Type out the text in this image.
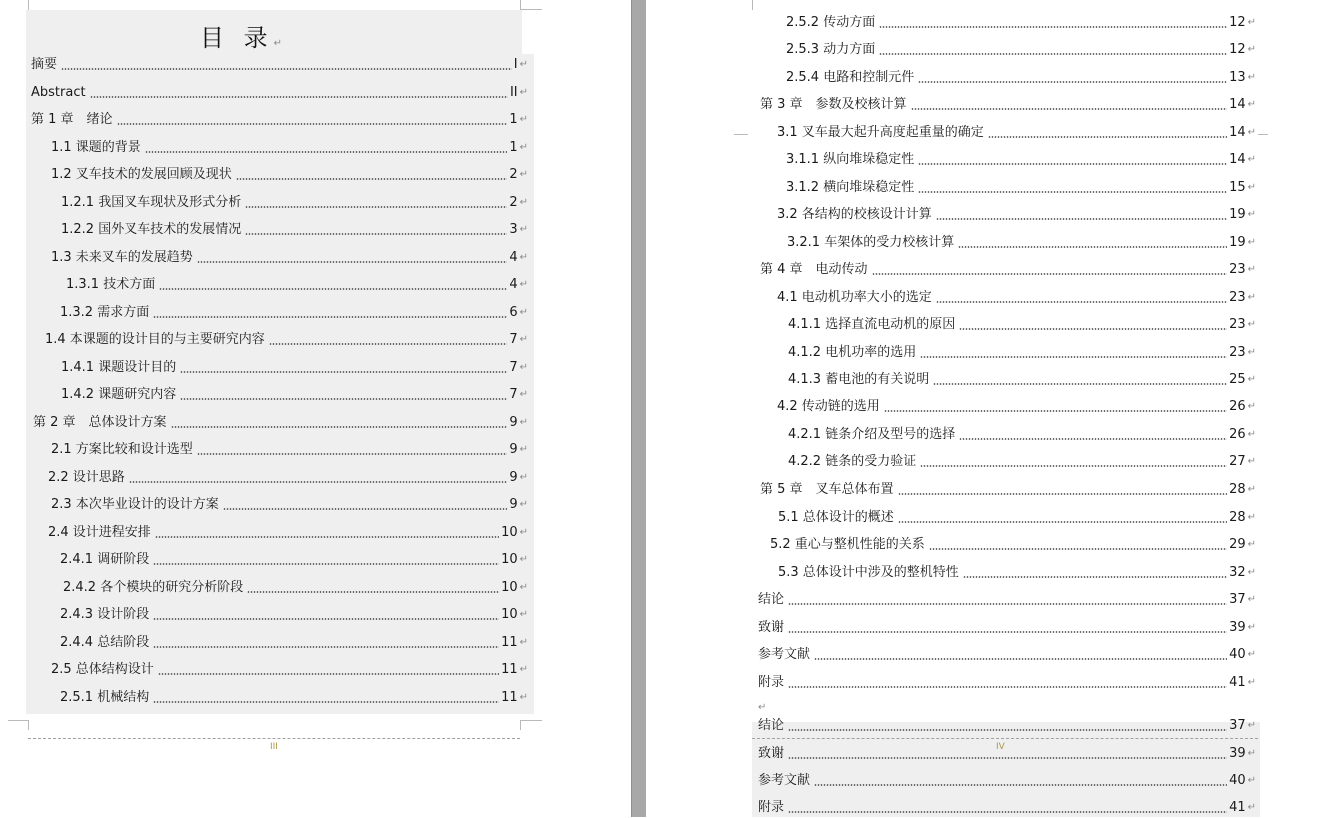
目 录↵
摘要	I ↵
Abstract	II ↵
第 1 章　绪论	1 ↵
1.1 课题的背景	1 ↵
1.2 叉车技术的发展回顾及现状	2 ↵
1.2.1 我国叉车现状及形式分析	2 ↵
1.2.2 国外叉车技术的发展情况	3 ↵
1.3 未来叉车的发展趋势	4 ↵
1.3.1 技术方面	4 ↵
1.3.2 需求方面	6 ↵
1.4 本课题的设计目的与主要研究内容	7 ↵
1.4.1 课题设计目的	7 ↵
1.4.2 课题研究内容	7 ↵
第 2 章　总体设计方案	9 ↵
2.1 方案比较和设计选型	9 ↵
2.2 设计思路	9 ↵
2.3 本次毕业设计的设计方案	9 ↵
2.4 设计进程安排	10 ↵
2.4.1 调研阶段	10 ↵
2.4.2 各个模块的研究分析阶段	10 ↵
2.4.3 设计阶段	10 ↵
2.4.4 总结阶段	11 ↵
2.5 总体结构设计	11 ↵
2.5.1 机械结构	11 ↵
III
2.5.2 传动方面	12 ↵
2.5.3 动力方面	12 ↵
2.5.4 电路和控制元件	13 ↵
第 3 章　参数及校核计算	14 ↵
3.1 叉车最大起升高度起重量的确定	14 ↵
3.1.1 纵向堆垛稳定性	14 ↵
3.1.2 横向堆垛稳定性	15 ↵
3.2 各结构的校核设计计算	19 ↵
3.2.1 车架体的受力校核计算	19 ↵
第 4 章　电动传动	23 ↵
4.1 电动机功率大小的选定	23 ↵
4.1.1 选择直流电动机的原因	23 ↵
4.1.2 电机功率的选用	23 ↵
4.1.3 蓄电池的有关说明	25 ↵
4.2 传动链的选用	26 ↵
4.2.1 链条介绍及型号的选择	26 ↵
4.2.2 链条的受力验证	27 ↵
第 5 章　叉车总体布置	28 ↵
5.1 总体设计的概述	28 ↵
5.2 重心与整机性能的关系	29 ↵
5.3 总体设计中涉及的整机特性	32 ↵
结论	37 ↵
致谢	39 ↵
参考文献	40 ↵
附录	41 ↵
结论	37 ↵
致谢	39 ↵
参考文献	40 ↵
附录	41 ↵
↵
IV
